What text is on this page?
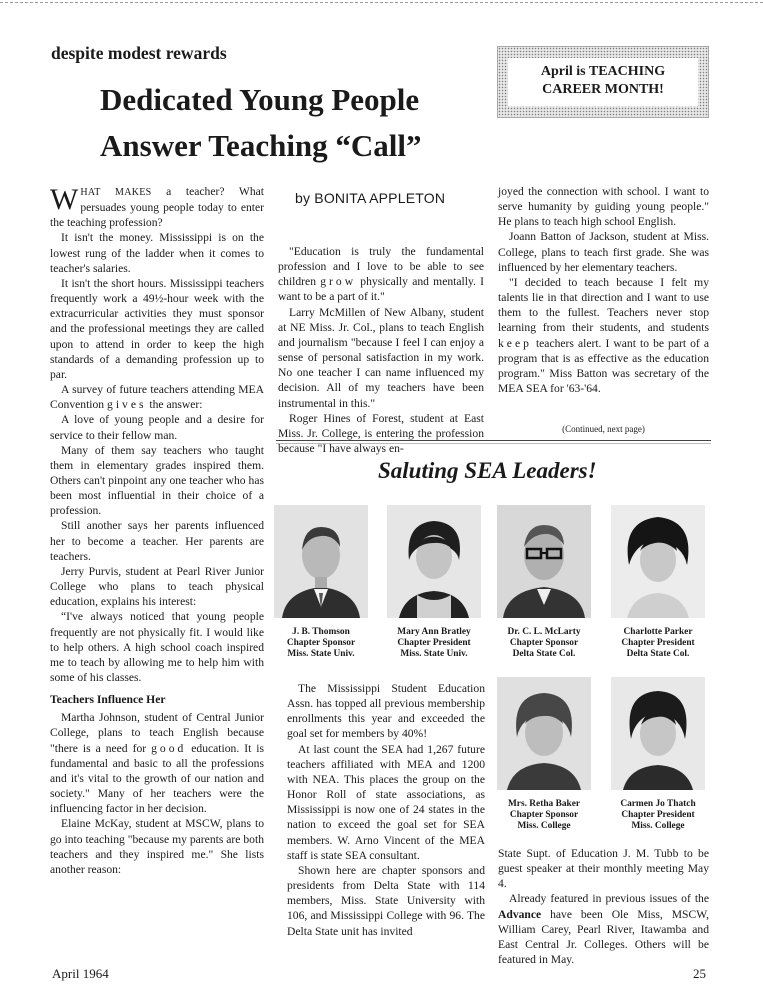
despite modest rewards
Dedicated Young People
Answer Teaching “Call”
April is TEACHING
CAREER MONTH!

WHAT MAKES a teacher? What persuades young people today to enter the teaching profession?

It isn't the money. Mississippi is on the lowest rung of the ladder when it comes to teacher's salaries.

It isn't the short hours. Mississippi teachers frequently work a 49½-hour week with the extracurricular activities they must sponsor and the professional meetings they are called upon to attend in order to keep the high standards of a demanding profession up to par.

A survey of future teachers attending MEA Convention gives the answer:

A love of young people and a desire for service to their fellow man.

Many of them say teachers who taught them in elementary grades inspired them. Others can't pinpoint any one teacher who has been most influential in their choice of a profession.

Still another says her parents influenced her to become a teacher. Her parents are teachers.

Jerry Purvis, student at Pearl River Junior College who plans to teach physical education, explains his interest:

“I've always noticed that young people frequently are not physically fit. I would like to help others. A high school coach inspired me to teach by allowing me to help him with some of his classes.

Teachers Influence Her

Martha Johnson, student of Central Junior College, plans to teach English because "there is a need for good education. It is fundamental and basic to all the professions and it's vital to the growth of our nation and society." Many of her teachers were the influencing factor in her decision.

Elaine McKay, student at MSCW, plans to go into teaching "because my parents are both teachers and they inspired me." She lists another reason:

by BONITA APPLETON

"Education is truly the fundamental profession and I love to be able to see children grow physically and mentally. I want to be a part of it."

Larry McMillen of New Albany, student at NE Miss. Jr. Col., plans to teach English and journalism "because I feel I can enjoy a sense of personal satisfaction in my work. No one teacher I can name influenced my decision. All of my teachers have been instrumental in this."

Roger Hines of Forest, student at East Miss. Jr. College, is entering the profession because "I have always en-

joyed the connection with school. I want to serve humanity by guiding young people." He plans to teach high school English.

Joann Batton of Jackson, student at Miss. College, plans to teach first grade. She was influenced by her elementary teachers.

"I decided to teach because I felt my talents lie in that direction and I want to use them to the fullest. Teachers never stop learning from their students, and students keep teachers alert. I want to be part of a program that is as effective as the education program." Miss Batton was secretary of the MEA SEA for '63-'64.

(Continued, next page)
Saluting SEA Leaders!
J. B. Thomson
Chapter Sponsor
Miss. State Univ.
Mary Ann Bratley
Chapter President
Miss. State Univ.
Dr. C. L. McLarty
Chapter Sponsor
Delta State Col.
Charlotte Parker
Chapter President
Delta State Col.
Mrs. Retha Baker
Chapter Sponsor
Miss. College
Carmen Jo Thatch
Chapter President
Miss. College

The Mississippi Student Education Assn. has topped all previous membership enrollments this year and exceeded the goal set for members by 40%!

At last count the SEA had 1,267 future teachers affiliated with MEA and 1200 with NEA. This places the group on the Honor Roll of state associations, as Mississippi is now one of 24 states in the nation to exceed the goal set for SEA members. W. Arno Vincent of the MEA staff is state SEA consultant.

Shown here are chapter sponsors and presidents from Delta State with 114 members, Miss. State University with 106, and Mississippi College with 96. The Delta State unit has invited

State Supt. of Education J. M. Tubb to be guest speaker at their monthly meeting May 4.

Already featured in previous issues of the Advance have been Ole Miss, MSCW, William Carey, Pearl River, Itawamba and East Central Jr. Colleges. Others will be featured in May.

April 1964	25
